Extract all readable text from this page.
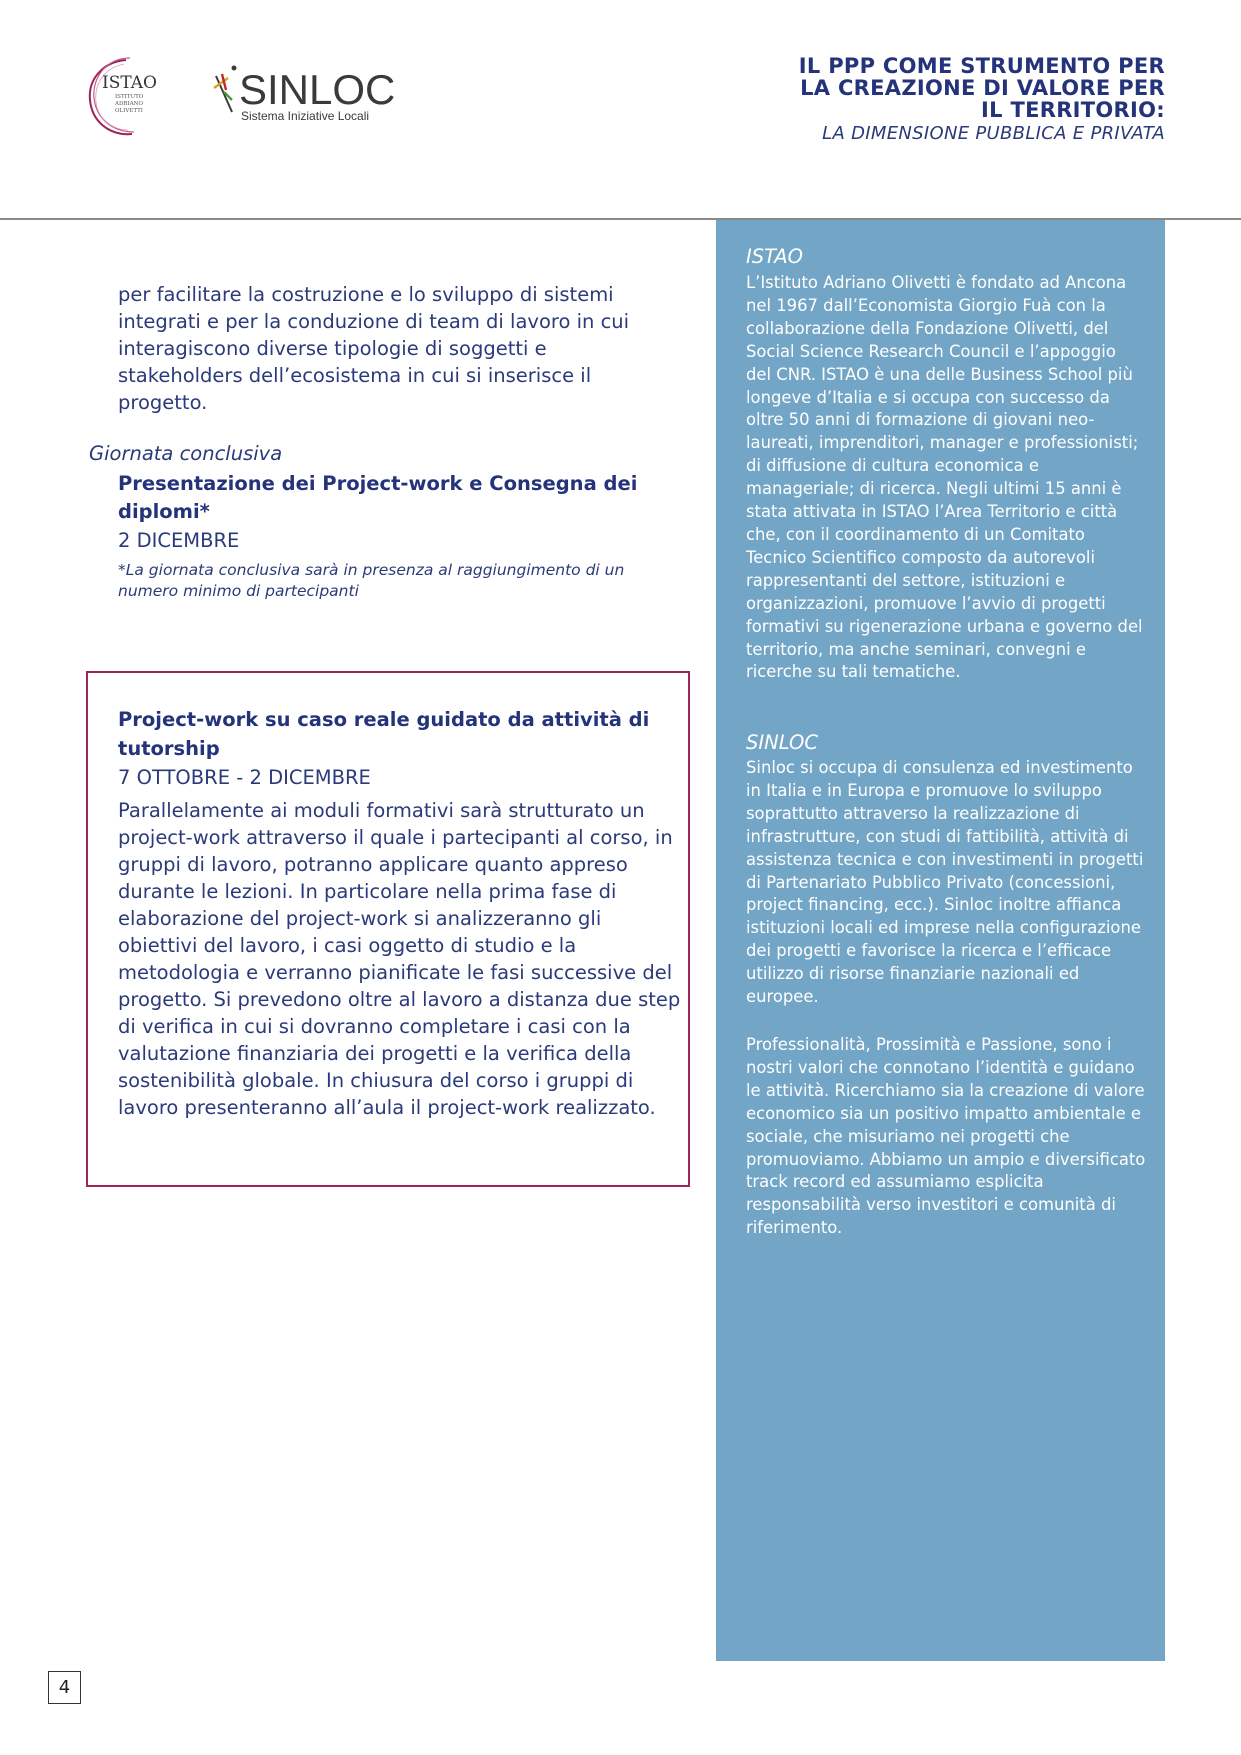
ISTAO
ISTITUTO
ADRIANO
OLIVETTI SINLOC
Sistema Iniziative Locali
IL PPP COME STRUMENTO PER
LA CREAZIONE DI VALORE PER
IL TERRITORIO:
LA DIMENSIONE PUBBLICA E PRIVATA
per facilitare la costruzione e lo sviluppo di sistemi integrati e per la conduzione di team di lavoro in cui interagiscono diverse tipologie di soggetti e stakeholders dell’ecosistema in cui si inserisce il progetto.
Giornata conclusiva
Presentazione dei Project-work e Consegna dei diplomi*
2 DICEMBRE
*La giornata conclusiva sarà in presenza al raggiungimento di un numero minimo di partecipanti
Project-work su caso reale guidato da attività di tutorship
7 OTTOBRE - 2 DICEMBRE
Parallelamente ai moduli formativi sarà strutturato un project-work attraverso il quale i partecipanti al corso, in gruppi di lavoro, potranno applicare quanto appreso durante le lezioni. In particolare nella prima fase di elaborazione del project-work si analizzeranno gli obiettivi del lavoro, i casi oggetto di studio e la metodologia e verranno pianificate le fasi successive del progetto. Si prevedono oltre al lavoro a distanza due step di verifica in cui si dovranno completare i casi con la valutazione finanziaria dei progetti e la verifica della sostenibilità globale. In chiusura del corso i gruppi di lavoro presenteranno all’aula il project-work realizzato.
ISTAO
L’Istituto Adriano Olivetti è fondato ad Ancona nel 1967 dall’Economista Giorgio Fuà con la collaborazione della Fondazione Olivetti, del Social Science Research Council e l’appoggio del CNR. ISTAO è una delle Business School più longeve d’Italia e si occupa con successo da oltre 50 anni di formazione di giovani neo-laureati, imprenditori, manager e professionisti; di diffusione di cultura economica e manageriale; di ricerca. Negli ultimi 15 anni è stata attivata in ISTAO l’Area Territorio e città che, con il coordinamento di un Comitato Tecnico Scientifico composto da autorevoli rappresentanti del settore, istituzioni e organizzazioni, promuove l’avvio di progetti formativi su rigenerazione urbana e governo del territorio, ma anche seminari, convegni e ricerche su tali tematiche.
SINLOC
Sinloc si occupa di consulenza ed investimento in Italia e in Europa e promuove lo sviluppo soprattutto attraverso la realizzazione di infrastrutture, con studi di fattibilità, attività di assistenza tecnica e con investimenti in progetti di Partenariato Pubblico Privato (concessioni, project financing, ecc.). Sinloc inoltre affianca istituzioni locali ed imprese nella configurazione dei progetti e favorisce la ricerca e l’efficace utilizzo di risorse finanziarie nazionali ed europee.
Professionalità, Prossimità e Passione, sono i nostri valori che connotano l’identità e guidano le attività. Ricerchiamo sia la creazione di valore economico sia un positivo impatto ambientale e sociale, che misuriamo nei progetti che promuoviamo. Abbiamo un ampio e diversificato track record ed assumiamo esplicita responsabilità verso investitori e comunità di riferimento.
4
